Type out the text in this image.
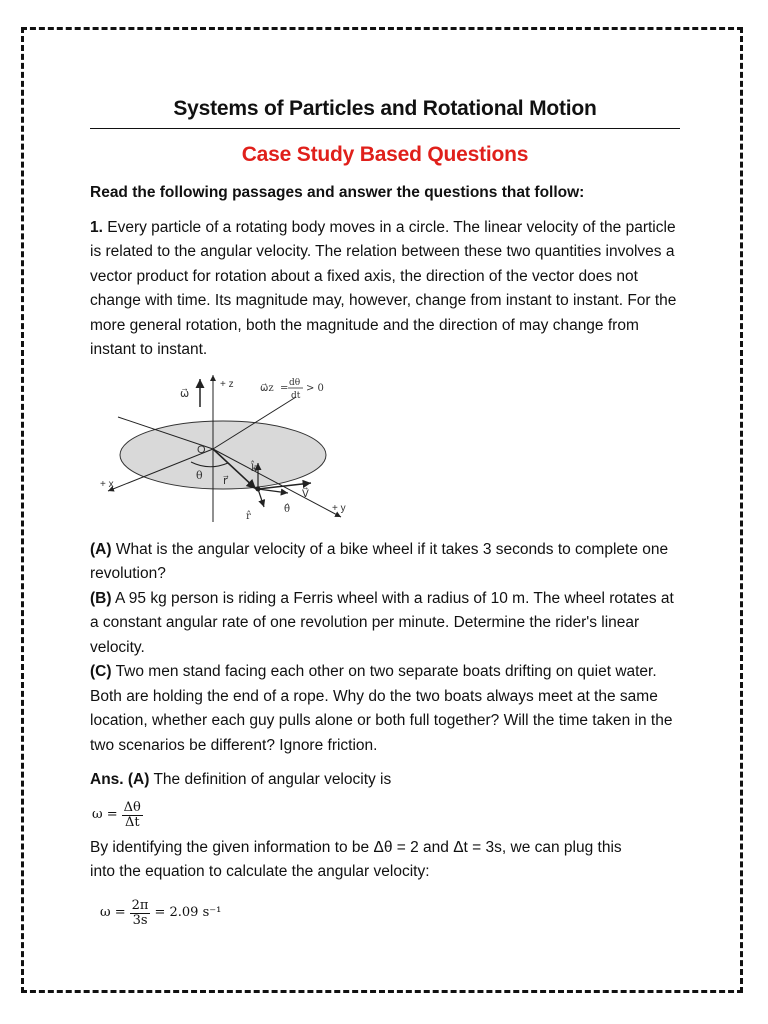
Systems of Particles and Rotational Motion
Case Study Based Questions

Read the following passages and answer the questions that follow:

1. Every particle of a rotating body moves in a circle. The linear velocity of the particle is related to the angular velocity. The relation between these two quantities involves a vector product for rotation about a fixed axis, the direction of the vector does not change with time. Its magnitude may, however, change from instant to instant. For the more general rotation, both the magnitude and the direction of may change from instant to instant.

ω⃗
+ z
+ x
+ y
O
θ r⃗
k̂
V⃗
r̂
θ̂
ω⃗z = dθ
dt
> 0

(A) What is the angular velocity of a bike wheel if it takes 3 seconds to complete one revolution?

(B) A 95 kg person is riding a Ferris wheel with a radius of 10 m. The wheel rotates at a constant angular rate of one revolution per minute. Determine the rider's linear velocity.

(C) Two men stand facing each other on two separate boats drifting on quiet water. Both are holding the end of a rope. Why do the two boats always meet at the same location, whether each guy pulls alone or both full together? Will the time taken in the two scenarios be different? Ignore friction.

Ans. (A) The definition of angular velocity is

$\omega = \frac{\Delta\theta}{\Delta t}$

By identifying the given information to be Δθ = 2 and Δt = 3s, we can plug this
into the equation to calculate the angular velocity:

$\omega = \frac{2\pi}{3s} = 2.09$ s⁻¹
